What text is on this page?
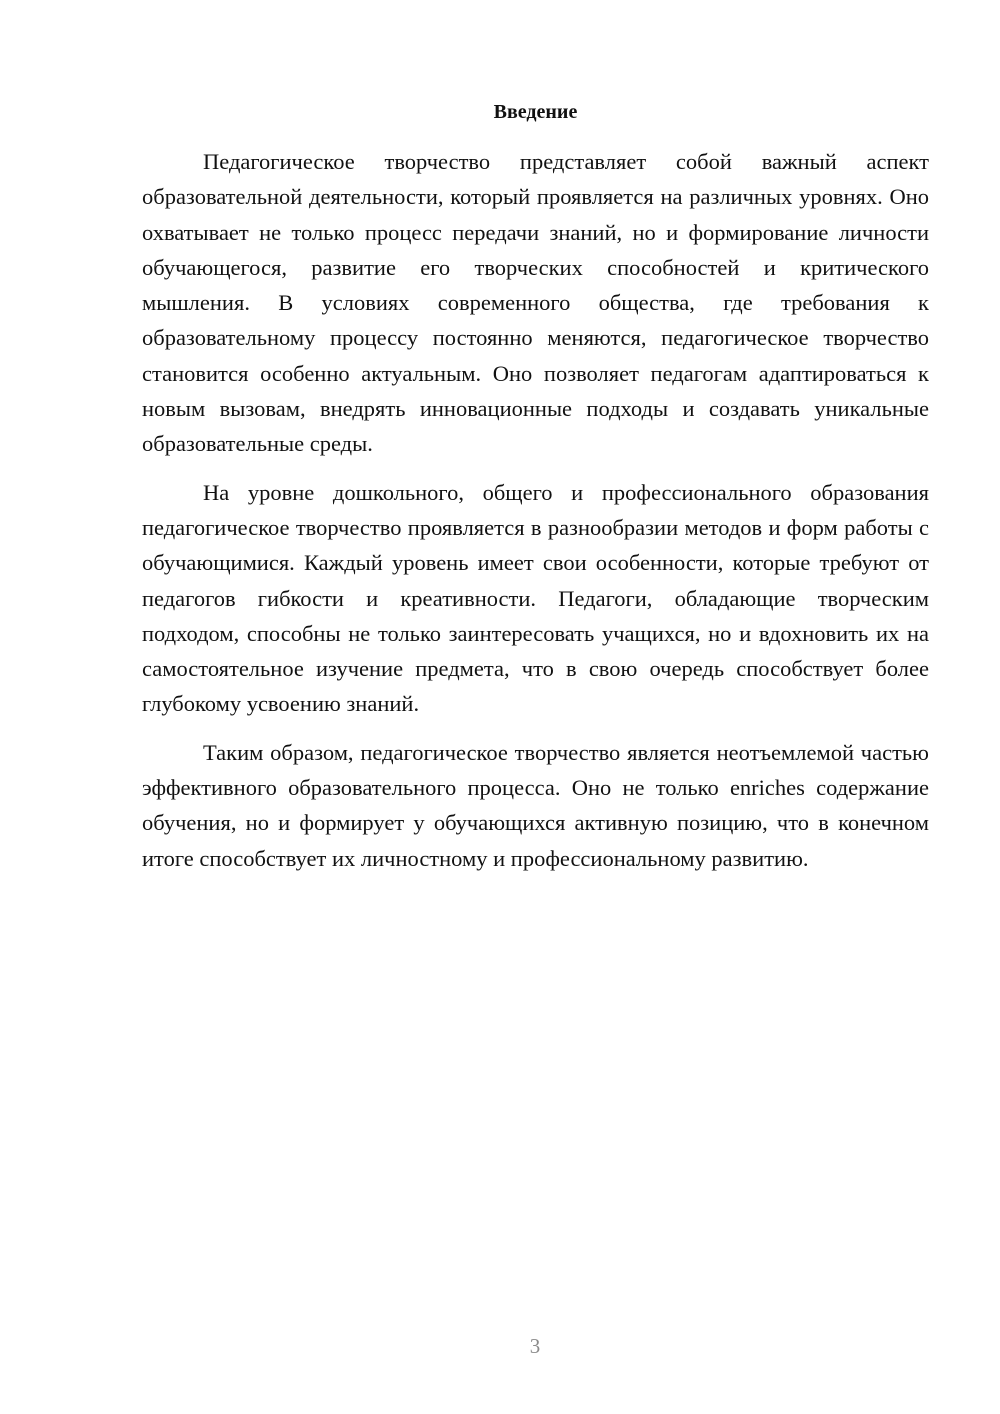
Введение

Педагогическое творчество представляет собой важный аспект образовательной деятельности, который проявляется на различных уровнях. Оно охватывает не только процесс передачи знаний, но и формирование личности обучающегося, развитие его творческих способностей и критического мышления. В условиях современного общества, где требования к образовательному процессу постоянно меняются, педагогическое творчество становится особенно актуальным. Оно позволяет педагогам адаптироваться к новым вызовам, внедрять инновационные подходы и создавать уникальные образовательные среды.

На уровне дошкольного, общего и профессионального образования педагогическое творчество проявляется в разнообразии методов и форм работы с обучающимися. Каждый уровень имеет свои особенности, которые требуют от педагогов гибкости и креативности. Педагоги, обладающие творческим подходом, способны не только заинтересовать учащихся, но и вдохновить их на самостоятельное изучение предмета, что в свою очередь способствует более глубокому усвоению знаний.

Таким образом, педагогическое творчество является неотъемлемой частью эффективного образовательного процесса. Оно не только enriches содержание обучения, но и формирует у обучающихся активную позицию, что в конечном итоге способствует их личностному и профессиональному развитию.

3
